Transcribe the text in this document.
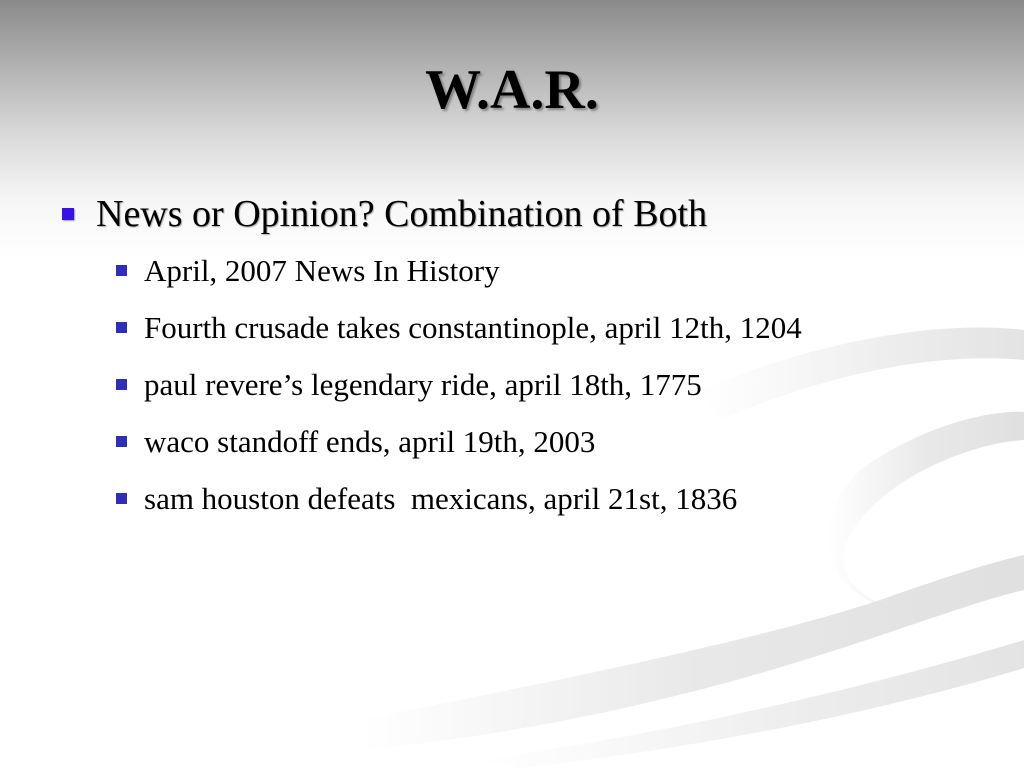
W.A.R.
News or Opinion? Combination of Both
April, 2007 News In History
Fourth crusade takes constantinople, april 12th, 1204
paul revere’s legendary ride, april 18th, 1775
waco standoff ends, april 19th, 2003
sam houston defeats  mexicans, april 21st, 1836
